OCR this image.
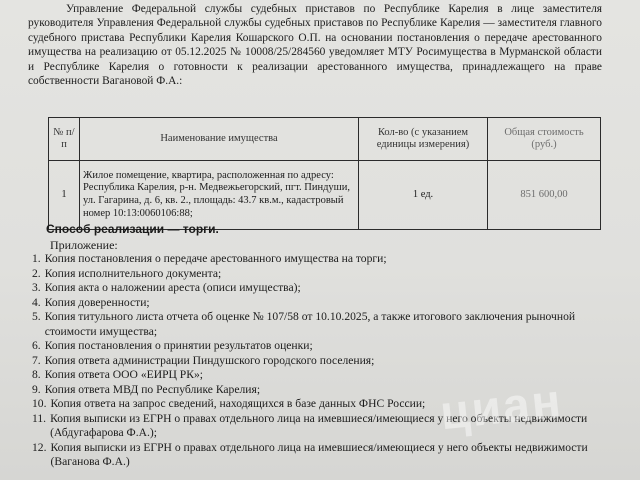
Управление Федеральной службы судебных приставов по Республике Карелия в лице заместителя руководителя Управления Федеральной службы судебных приставов по Республике Карелия — заместителя главного судебного пристава Республики Карелия Кошарского О.П. на основании постановления о передаче арестованного имущества на реализацию от 05.12.2025 № 10008/25/284560 уведомляет МТУ Росимущества в Мурманской области и Республике Карелия о готовности к реализации арестованного имущества, принадлежащего на праве собственности Вагановой Ф.А.:

№ п/п	Наименование имущества	Кол-во (с указанием единицы измерения)	Общая стоимость (руб.)
1	Жилое помещение, квартира, расположенная по адресу: Республика Карелия, р-н. Медвежьегорский, пгт. Пиндуши, ул. Гагарина, д. 6, кв. 2., площадь: 43.7 кв.м., кадастровый номер 10:13:0060106:88;	1 ед.	851 600,00
Способ реализации — торги.
Приложение:
1. Копия постановления о передаче арестованного имущества на торги;
2. Копия исполнительного документа;
3. Копия акта о наложении ареста (описи имущества);
4. Копия доверенности;
5. Копия титульного листа отчета об оценке № 107/58 от 10.10.2025, а также итогового заключения рыночной стоимости имущества;
6. Копия постановления о принятии результатов оценки;
7. Копия ответа администрации Пиндушского городского поселения;
8. Копия ответа ООО «ЕИРЦ РК»;
9. Копия ответа МВД по Республике Карелия;
10. Копия ответа на запрос сведений, находящихся в базе данных ФНС России;
11. Копия выписки из ЕГРН о правах отдельного лица на имевшиеся/имеющиеся у него объекты недвижимости (Абдугафарова Ф.А.);
12. Копия выписки из ЕГРН о правах отдельного лица на имевшиеся/имеющиеся у него объекты недвижимости (Ваганова Ф.А.)
циан
